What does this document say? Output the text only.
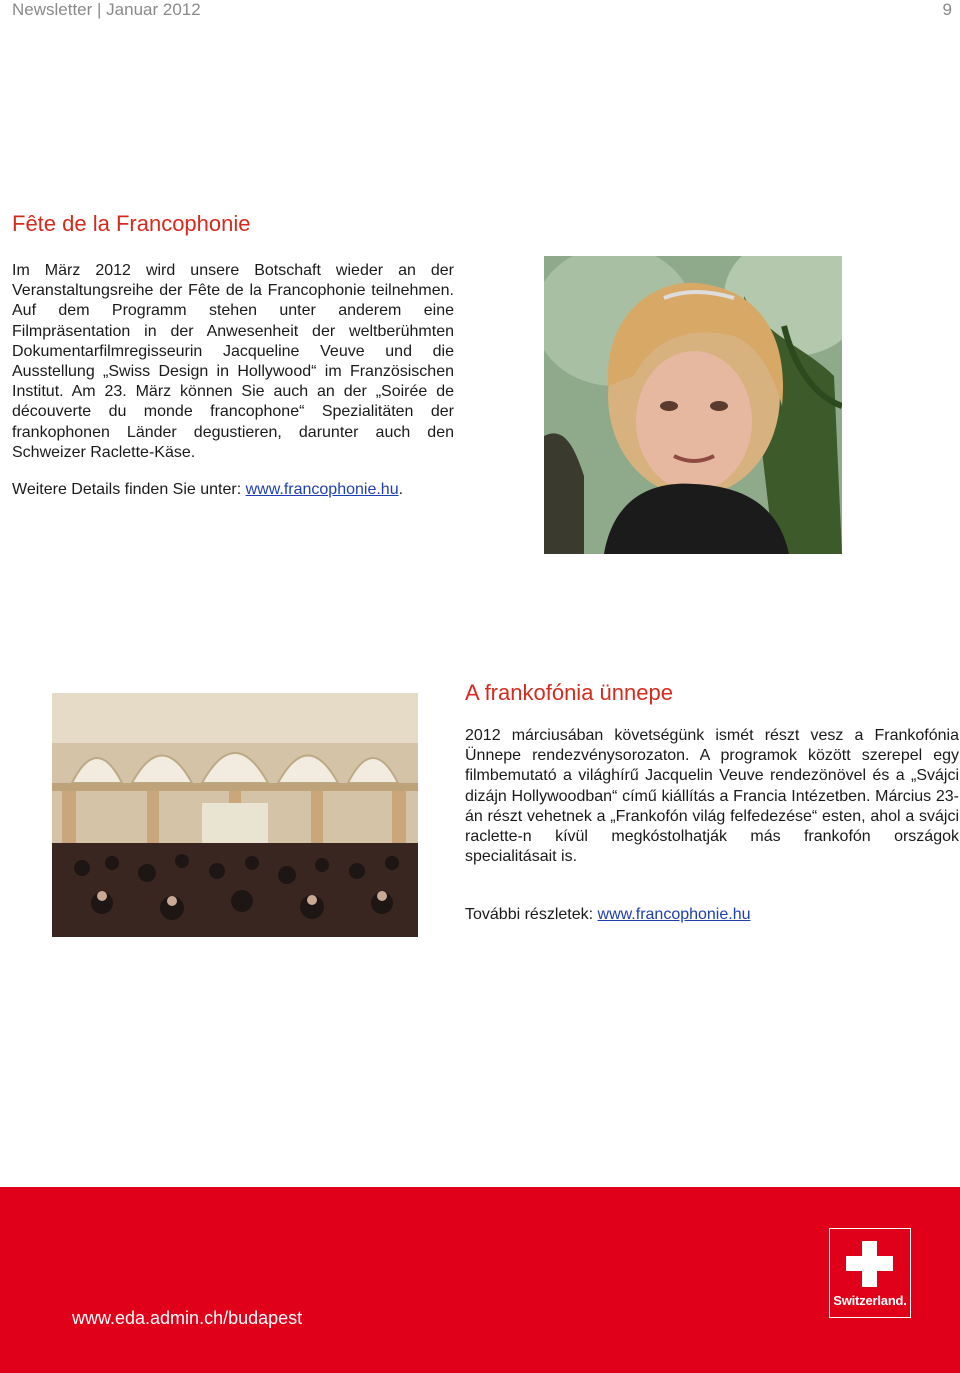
Newsletter | Januar 2012	9
Fête de la Francophonie
Im März 2012 wird unsere Botschaft wieder an der Veranstaltungsreihe der Fête de la Francophonie teilnehmen. Auf dem Programm stehen unter anderem eine Filmpräsentation in der Anwesenheit der weltberühmten Dokumentarfilmregisseurin Jacqueline Veuve und die Ausstellung „Swiss Design in Hollywood“ im Französischen Institut. Am 23. März können Sie auch an der „Soirée de découverte du monde francophone“ Spezialitäten der frankophonen Länder degustieren, darunter auch den Schweizer Raclette-Käse.
Weitere Details finden Sie unter: www.francophonie.hu.
A frankofónia ünnepe
2012 márciusában követségünk ismét részt vesz a Frankofónia Ünnepe rendezvénysorozaton. A programok között szerepel egy filmbemutató a világhírű Jacquelin Veuve rendezönövel és a „Svájci dizájn Hollywoodban“ című kiállítás a Francia Intézetben. Március 23-án részt vehetnek a „Frankofón világ felfedezése“ esten, ahol a svájci raclette-n kívül megkóstolhatják más frankofón országok specialitásait is.
További részletek: www.francophonie.hu
www.eda.admin.ch/budapest
Switzerland.
